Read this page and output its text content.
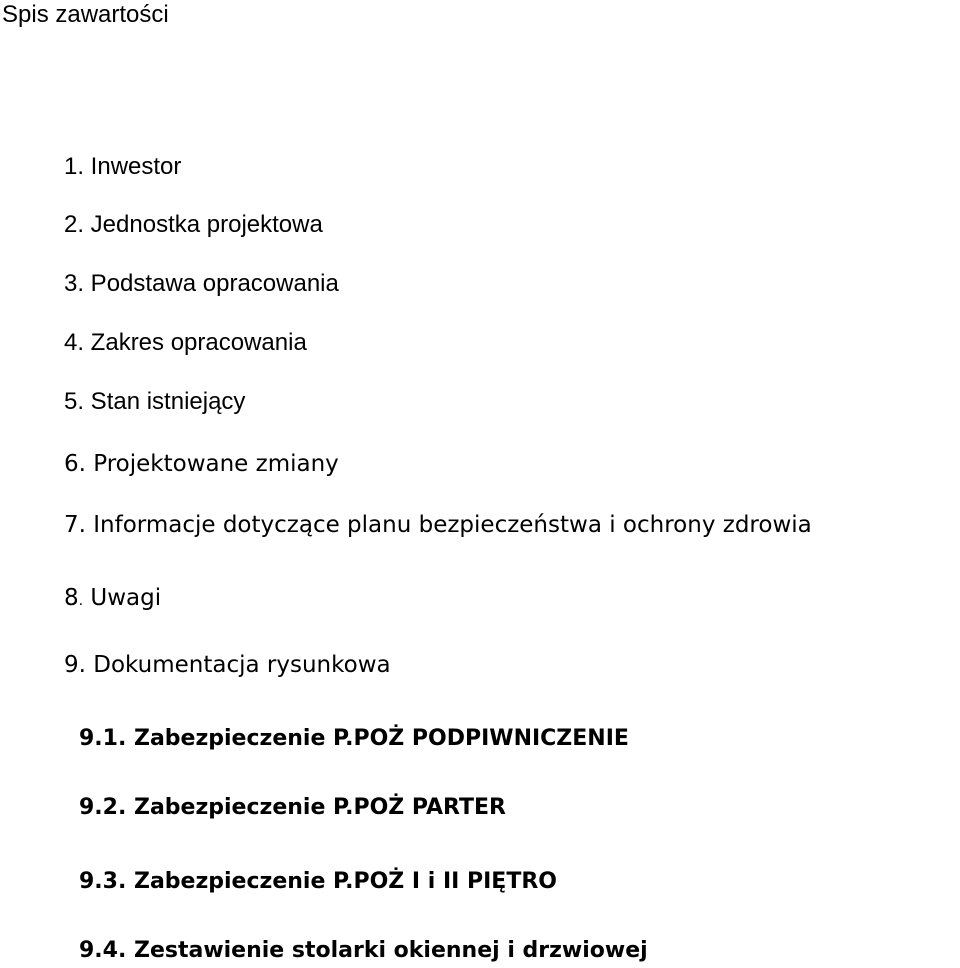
Spis zawartości
1. Inwestor
2. Jednostka projektowa
3. Podstawa opracowania
4. Zakres opracowania
5. Stan istniejący
6. Projektowane zmiany
7. Informacje dotyczące planu bezpieczeństwa i ochrony zdrowia
8. Uwagi
9. Dokumentacja rysunkowa
9.1. Zabezpieczenie P.POŻ PODPIWNICZENIE
9.2. Zabezpieczenie P.POŻ PARTER
9.3. Zabezpieczenie P.POŻ I i II PIĘTRO
9.4. Zestawienie stolarki okiennej i drzwiowej
